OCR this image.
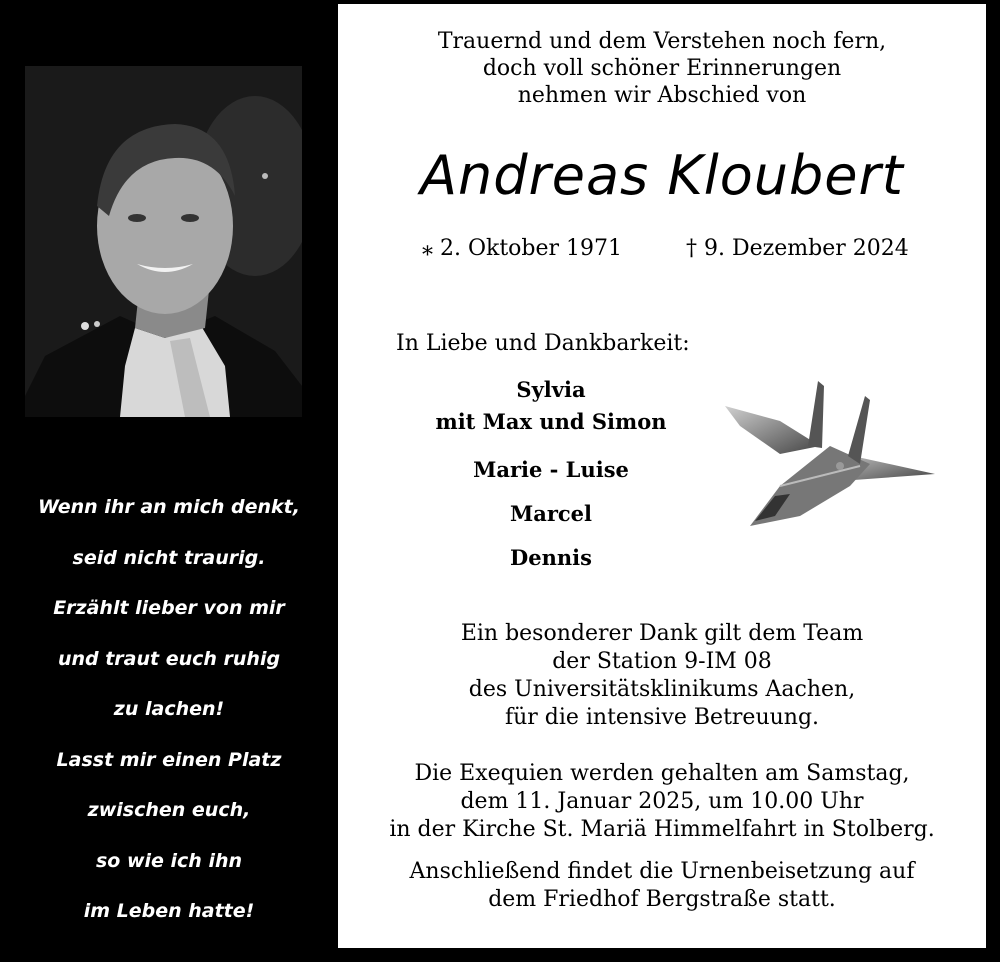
Wenn ihr an mich denkt,
seid nicht traurig.
Erzählt lieber von mir
und traut euch ruhig
zu lachen!
Lasst mir einen Platz
zwischen euch,
so wie ich ihn
im Leben hatte!
Trauernd und dem Verstehen noch fern,
doch voll schöner Erinnerungen
nehmen wir Abschied von
Andreas Kloubert
⁎ 2. Oktober 1971	† 9. Dezember 2024
In Liebe und Dankbarkeit:
Sylvia
mit Max und Simon
Marie - Luise
Marcel
Dennis
Ein besonderer Dank gilt dem Team
der Station 9-IM 08
des Universitätsklinikums Aachen,
für die intensive Betreuung.
Die Exequien werden gehalten am Samstag,
dem 11. Januar 2025, um 10.00 Uhr
in der Kirche St. Mariä Himmelfahrt in Stolberg.
Anschließend findet die Urnenbeisetzung auf
dem Friedhof Bergstraße statt.
